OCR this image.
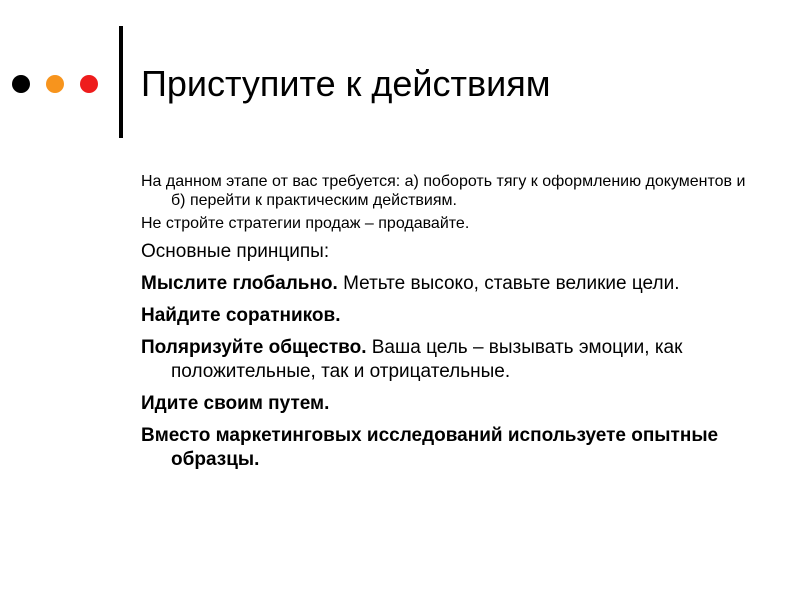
Приступите к действиям

На данном этапе от вас требуется: а) побороть тягу к оформлению документов и б) перейти к практическим действиям.

Не стройте стратегии продаж – продавайте.

Основные принципы:

Мыслите глобально. Метьте высоко, ставьте великие цели.

Найдите соратников.

Поляризуйте общество. Ваша цель – вызывать эмоции, как положительные, так и отрицательные.

Идите своим путем.

Вместо маркетинговых исследований используете опытные образцы.
